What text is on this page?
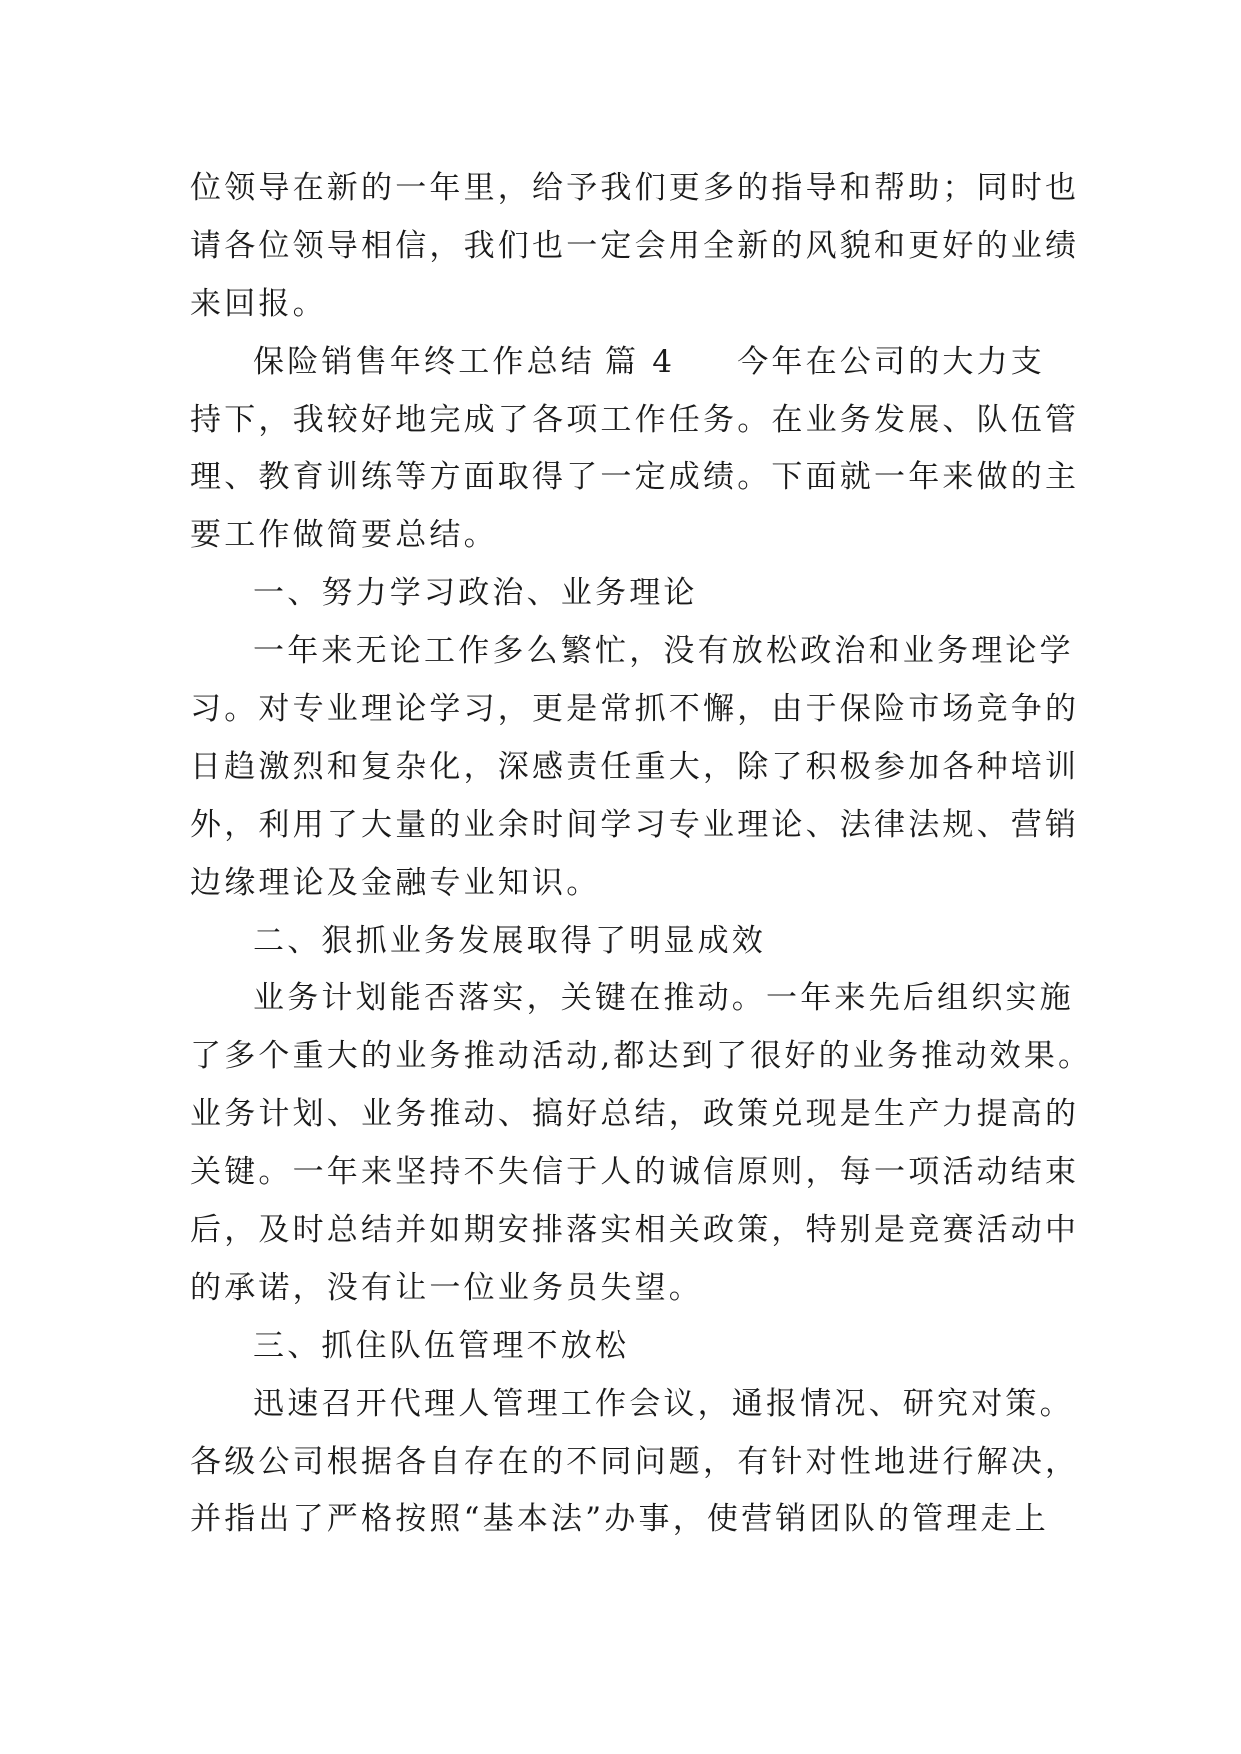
位领导在新的一年里，给予我们更多的指导和帮助；同时也
请各位领导相信，我们也一定会用全新的风貌和更好的业绩
来回报。
保险销售年终工作总结 篇 4 今年在公司的大力支
持下，我较好地完成了各项工作任务。在业务发展、队伍管
理、教育训练等方面取得了一定成绩。下面就一年来做的主
要工作做简要总结。
一、努力学习政治、业务理论
一年来无论工作多么繁忙，没有放松政治和业务理论学
习。对专业理论学习，更是常抓不懈，由于保险市场竞争的
日趋激烈和复杂化，深感责任重大，除了积极参加各种培训
外，利用了大量的业余时间学习专业理论、法律法规、营销
边缘理论及金融专业知识。
二、狠抓业务发展取得了明显成效
业务计划能否落实，关键在推动。一年来先后组织实施
了多个重大的业务推动活动,都达到了很好的业务推动效果。
业务计划、业务推动、搞好总结，政策兑现是生产力提高的
关键。一年来坚持不失信于人的诚信原则，每一项活动结束
后，及时总结并如期安排落实相关政策，特别是竞赛活动中
的承诺，没有让一位业务员失望。
三、抓住队伍管理不放松
迅速召开代理人管理工作会议，通报情况、研究对策。
各级公司根据各自存在的不同问题，有针对性地进行解决，
并指出了严格按照“基本法”办事，使营销团队的管理走上
